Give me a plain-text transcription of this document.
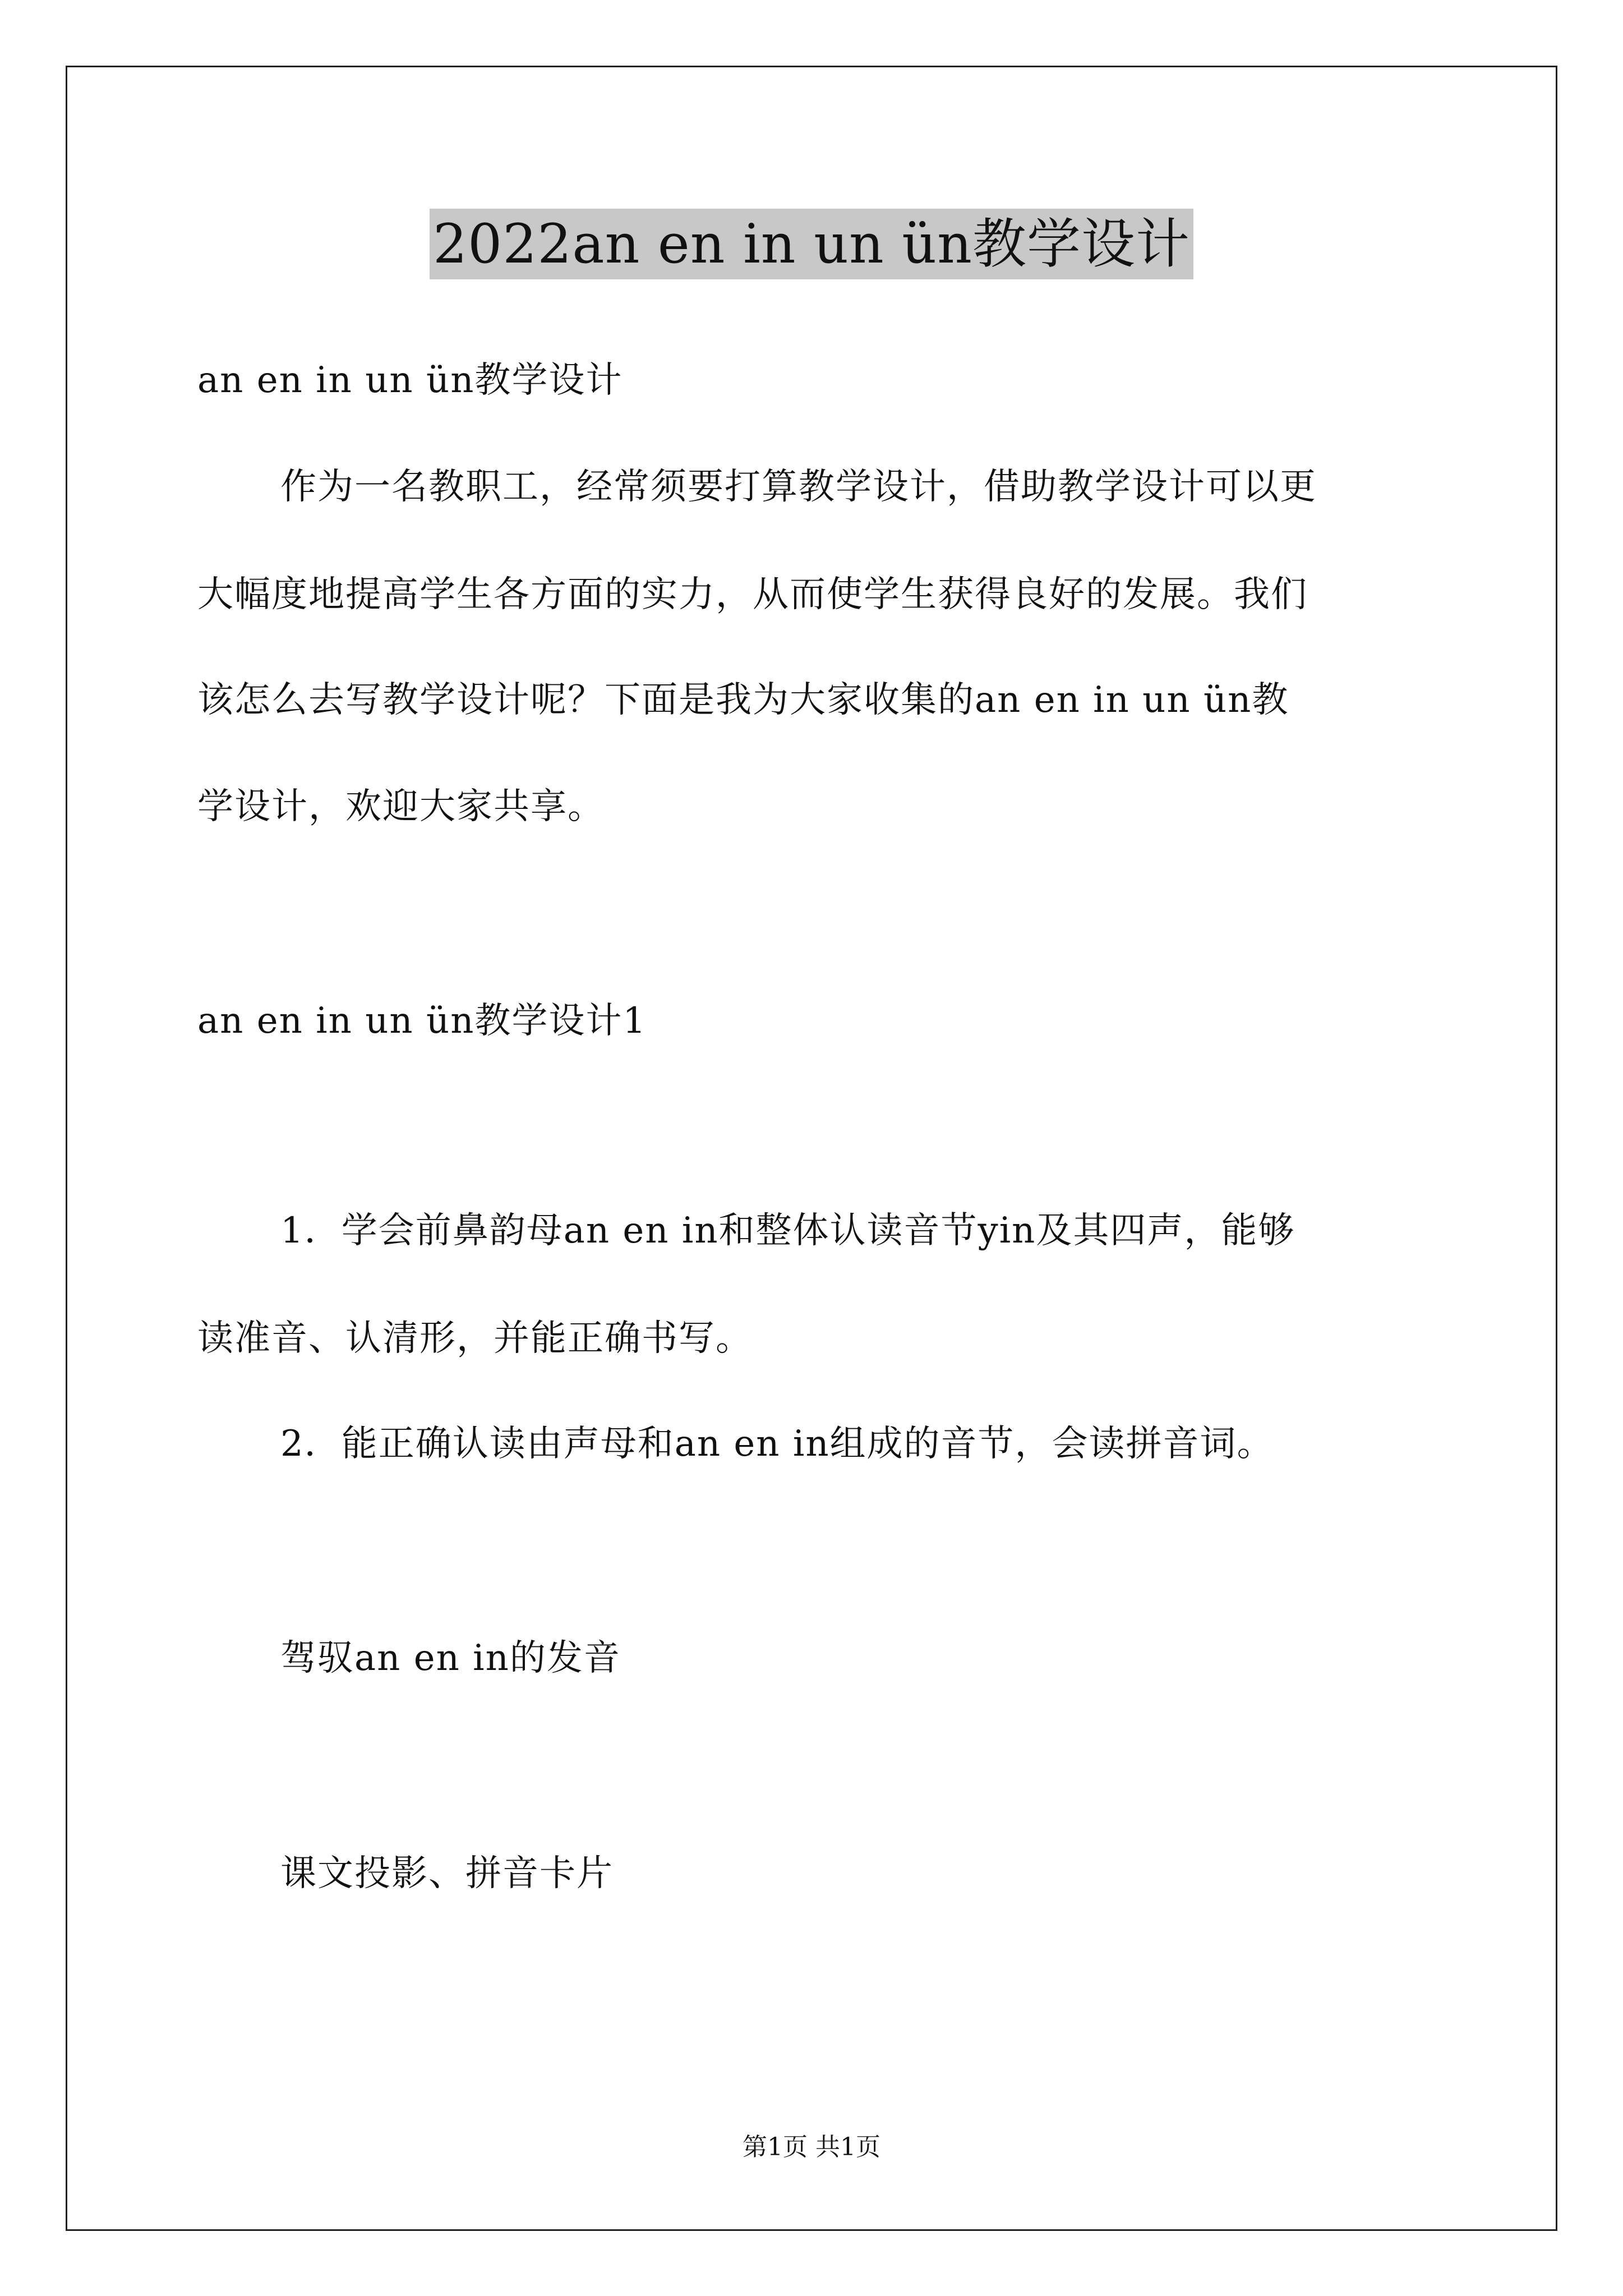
2022an en in un ün教学设计
an en in un ün教学设计
作为一名教职工，经常须要打算教学设计，借助教学设计可以更
大幅度地提高学生各方面的实力，从而使学生获得良好的发展。我们
该怎么去写教学设计呢？下面是我为大家收集的an en in un ün教
学设计，欢迎大家共享。
an en in un ün教学设计1
1．学会前鼻韵母an en in和整体认读音节yin及其四声，能够
读准音、认清形，并能正确书写。
2．能正确认读由声母和an en in组成的音节，会读拼音词。
驾驭an en in的发音
课文投影、拼音卡片
第1页 共1页
